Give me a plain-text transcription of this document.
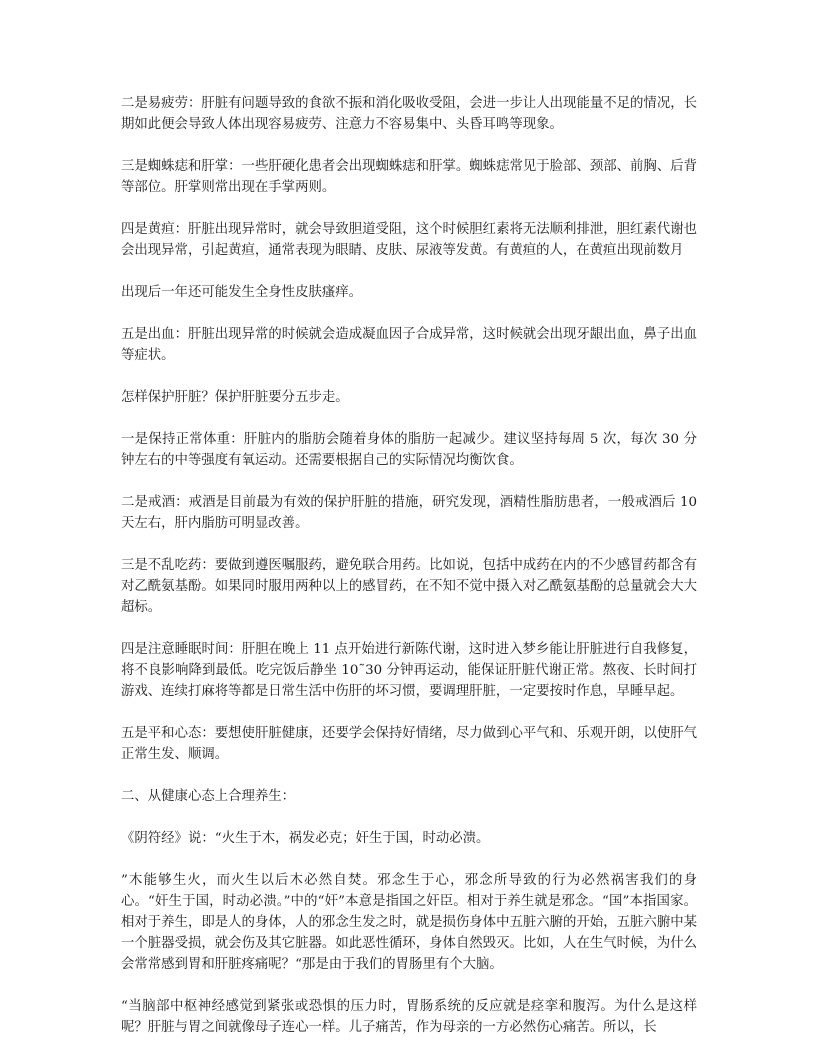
二是易疲劳：肝脏有问题导致的食欲不振和消化吸收受阻，会进一步让人出现能量不足的情况，长期如此便会导致人体出现容易疲劳、注意力不容易集中、头昏耳鸣等现象。

三是蜘蛛痣和肝掌：一些肝硬化患者会出现蜘蛛痣和肝掌。蜘蛛痣常见于脸部、颈部、前胸、后背等部位。肝掌则常出现在手掌两则。

四是黄疸：肝脏出现异常时，就会导致胆道受阻，这个时候胆红素将无法顺利排泄，胆红素代谢也会出现异常，引起黄疸，通常表现为眼睛、皮肤、尿液等发黄。有黄疸的人，在黄疸出现前数月

出现后一年还可能发生全身性皮肤瘙痒。

五是出血：肝脏出现异常的时候就会造成凝血因子合成异常，这时候就会出现牙龈出血，鼻子出血等症状。

怎样保护肝脏？保护肝脏要分五步走。

一是保持正常体重：肝脏内的脂肪会随着身体的脂肪一起减少。建议坚持每周 5 次，每次 30 分钟左右的中等强度有氧运动。还需要根据自己的实际情况均衡饮食。

二是戒酒：戒酒是目前最为有效的保护肝脏的措施，研究发现，酒精性脂肪患者，一般戒酒后 10 天左右，肝内脂肪可明显改善。

三是不乱吃药：要做到遵医嘱服药，避免联合用药。比如说，包括中成药在内的不少感冒药都含有对乙酰氨基酚。如果同时服用两种以上的感冒药，在不知不觉中摄入对乙酰氨基酚的总量就会大大超标。

四是注意睡眠时间：肝胆在晚上 11 点开始进行新陈代谢，这时进入梦乡能让肝脏进行自我修复，将不良影响降到最低。吃完饭后静坐 10˜30 分钟再运动，能保证肝脏代谢正常。熬夜、长时间打游戏、连续打麻将等都是日常生活中伤肝的坏习惯，要调理肝脏，一定要按时作息，早睡早起。

五是平和心态：要想使肝脏健康，还要学会保持好情绪，尽力做到心平气和、乐观开朗，以使肝气正常生发、顺调。

二、从健康心态上合理养生：

《阴符经》说：“火生于木，祸发必克；奸生于国，时动必溃。

”木能够生火，而火生以后木必然自焚。邪念生于心，邪念所导致的行为必然祸害我们的身心。“奸生于国，时动必溃。”中的“奸”本意是指国之奸臣。相对于养生就是邪念。“国”本指国家。相对于养生，即是人的身体，人的邪念生发之时，就是损伤身体中五脏六腑的开始，五脏六腑中某一个脏器受损，就会伤及其它脏器。如此恶性循环，身体自然毁灭。比如，人在生气时候，为什么会常常感到胃和肝脏疼痛呢？“那是由于我们的胃肠里有个大脑。

“当脑部中枢神经感觉到紧张或恐惧的压力时，胃肠系统的反应就是痉挛和腹泻。为什么是这样呢？肝脏与胃之间就像母子连心一样。儿子痛苦，作为母亲的一方必然伤心痛苦。所以，长
